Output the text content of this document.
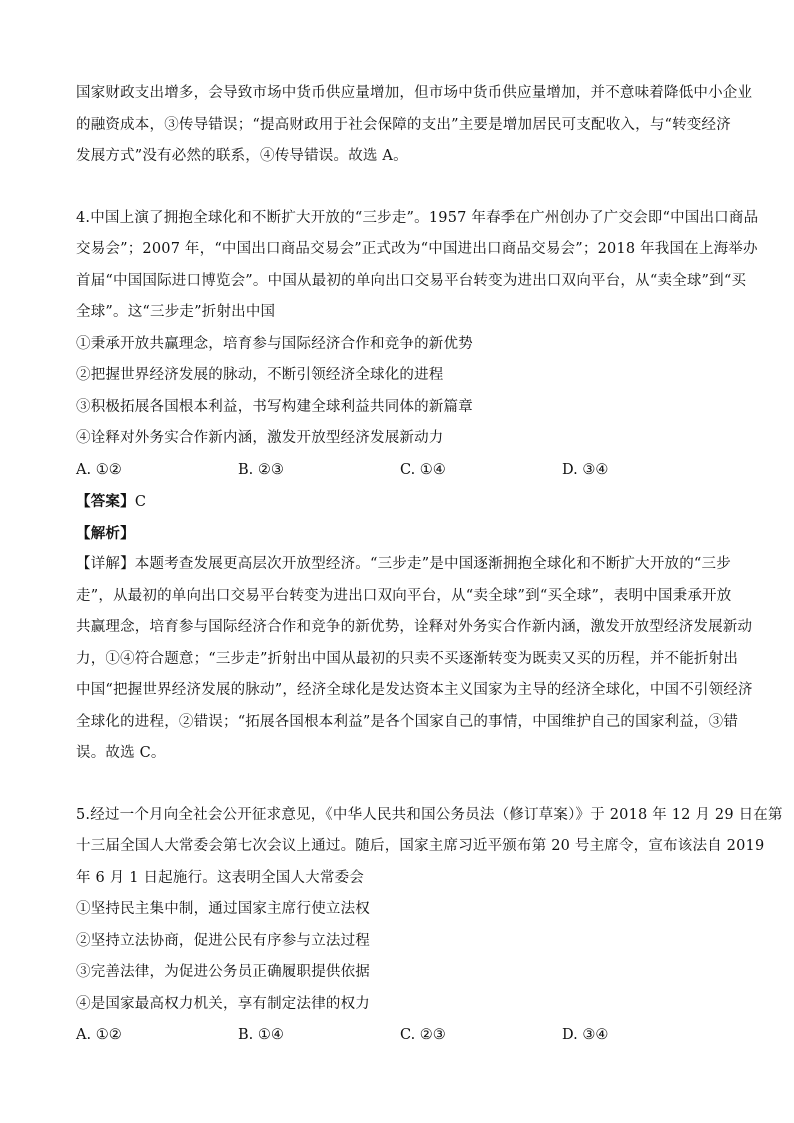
国家财政支出增多，会导致市场中货币供应量增加，但市场中货币供应量增加，并不意味着降低中小企业
的融资成本，③传导错误；“提高财政用于社会保障的支出”主要是增加居民可支配收入，与“转变经济
发展方式”没有必然的联系，④传导错误。故选 A。
4.中国上演了拥抱全球化和不断扩大开放的“三步走”。1957 年春季在广州创办了广交会即“中国出口商品
交易会”；2007 年，“中国出口商品交易会”正式改为“中国进出口商品交易会”；2018 年我国在上海举办
首届“中国国际进口博览会”。中国从最初的单向出口交易平台转变为进出口双向平台，从“卖全球”到“买
全球”。这“三步走”折射出中国
①秉承开放共赢理念，培育参与国际经济合作和竞争的新优势
②把握世界经济发展的脉动，不断引领经济全球化的进程
③积极拓展各国根本利益，书写构建全球利益共同体的新篇章
④诠释对外务实合作新内涵，激发开放型经济发展新动力
A. ①②	B. ②③	C. ①④	D. ③④
【答案】C
【解析】
【详解】本题考查发展更高层次开放型经济。“三步走”是中国逐渐拥抱全球化和不断扩大开放的“三步
走”，从最初的单向出口交易平台转变为进出口双向平台，从“卖全球”到“买全球”，表明中国秉承开放
共赢理念，培育参与国际经济合作和竞争的新优势，诠释对外务实合作新内涵，激发开放型经济发展新动
力，①④符合题意；“三步走”折射出中国从最初的只卖不买逐渐转变为既卖又买的历程，并不能折射出
中国“把握世界经济发展的脉动”，经济全球化是发达资本主义国家为主导的经济全球化，中国不引领经济
全球化的进程，②错误；“拓展各国根本利益”是各个国家自己的事情，中国维护自己的国家利益，③错
误。故选 C。
5.经过一个月向全社会公开征求意见，《中华人民共和国公务员法（修订草案）》于 2018 年 12 月 29 日在第
十三届全国人大常委会第七次会议上通过。随后，国家主席习近平颁布第 20 号主席令，宣布该法自 2019
年 6 月 1 日起施行。这表明全国人大常委会
①坚持民主集中制，通过国家主席行使立法权
②坚持立法协商，促进公民有序参与立法过程
③完善法律，为促进公务员正确履职提供依据
④是国家最高权力机关，享有制定法律的权力
A. ①②	B. ①④	C. ②③	D. ③④
